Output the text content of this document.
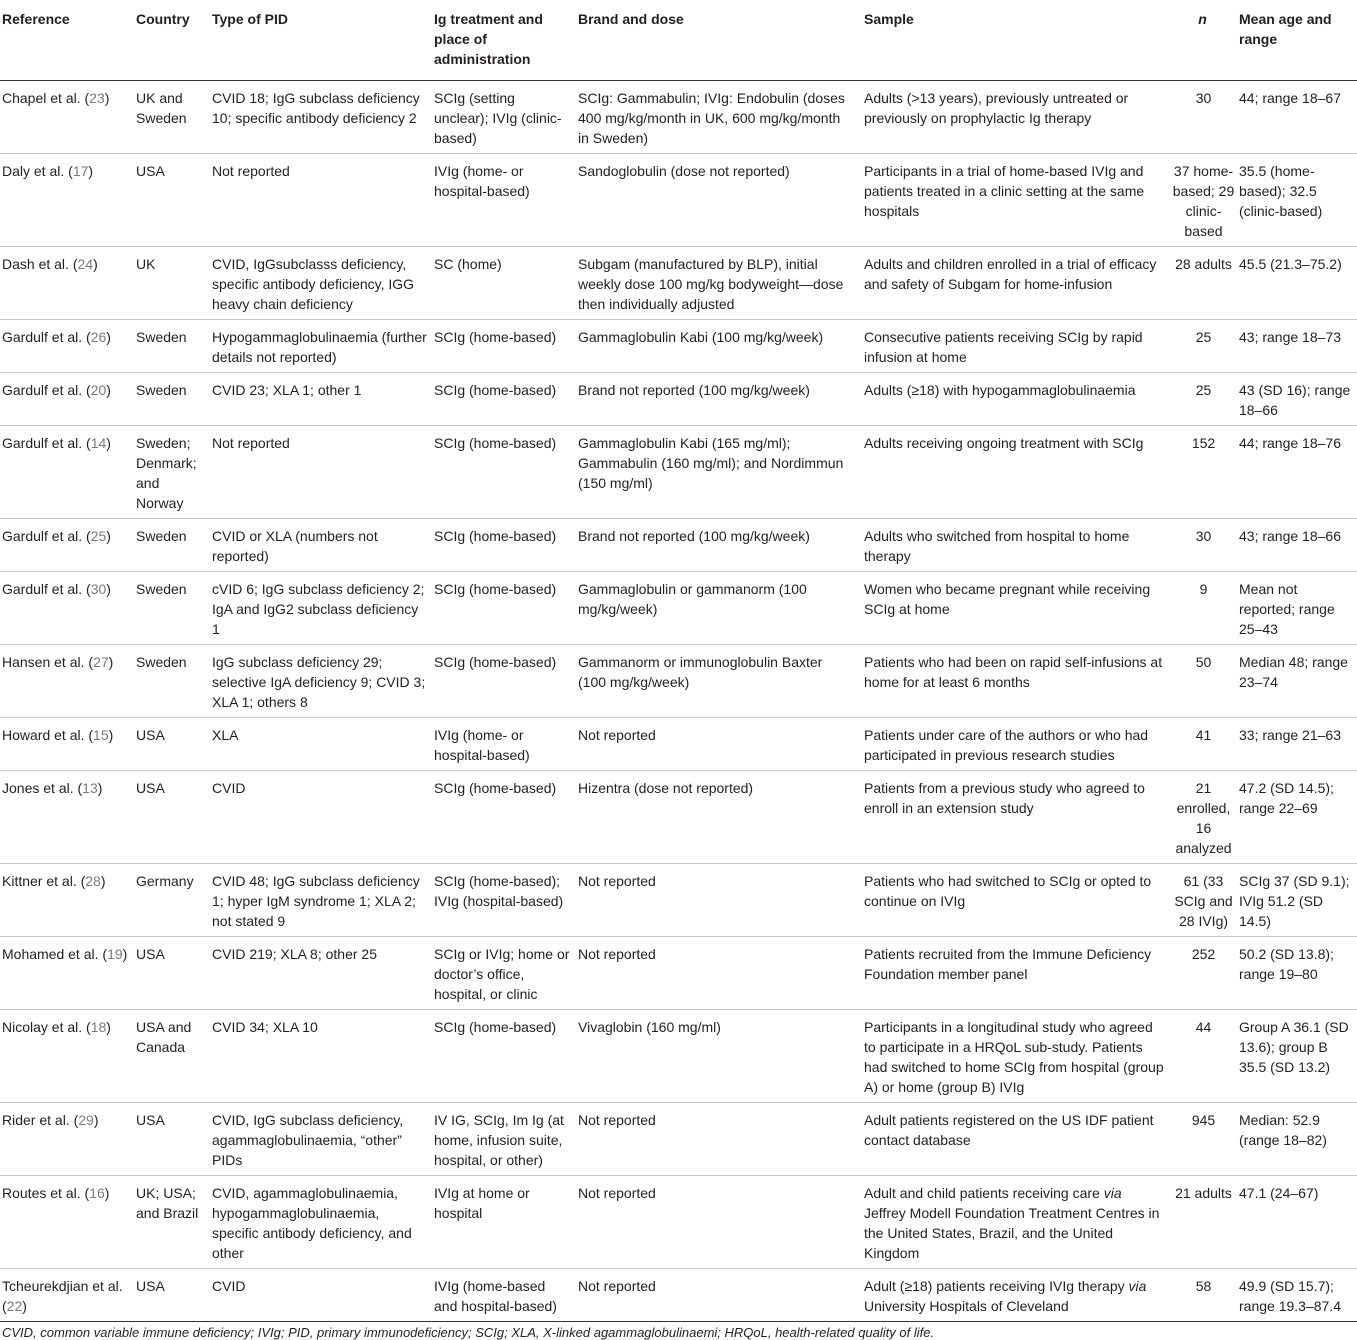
Reference	Country	Type of PID	Ig treatment and place of administration	Brand and dose	Sample	n	Mean age and range
Chapel et al. (23)	UK and Sweden	CVID 18; IgG subclass deficiency 10; specific antibody deficiency 2	SCIg (setting unclear); IVIg (clinic-based)	SCIg: Gammabulin; IVIg: Endobulin (doses 400 mg/kg/month in UK, 600 mg/kg/month in Sweden)	Adults (>13 years), previously untreated or previously on prophylactic Ig therapy	30	44; range 18–67
Daly et al. (17)	USA	Not reported	IVIg (home- or hospital-based)	Sandoglobulin (dose not reported)	Participants in a trial of home-based IVIg and patients treated in a clinic setting at the same hospitals	37 home-based; 29 clinic-based	35.5 (home-based); 32.5 (clinic-based)
Dash et al. (24)	UK	CVID, IgGsubclasss deficiency, specific antibody deficiency, IGG heavy chain deficiency	SC (home)	Subgam (manufactured by BLP), initial weekly dose 100 mg/kg bodyweight—dose then individually adjusted	Adults and children enrolled in a trial of efficacy and safety of Subgam for home-infusion	28 adults	45.5 (21.3–75.2)
Gardulf et al. (26)	Sweden	Hypogammaglobulinaemia (further details not reported)	SCIg (home-based)	Gammaglobulin Kabi (100 mg/kg/week)	Consecutive patients receiving SCIg by rapid infusion at home	25	43; range 18–73
Gardulf et al. (20)	Sweden	CVID 23; XLA 1; other 1	SCIg (home-based)	Brand not reported (100 mg/kg/week)	Adults (≥18) with hypogammaglobulinaemia	25	43 (SD 16); range 18–66
Gardulf et al. (14)	Sweden; Denmark; and Norway	Not reported	SCIg (home-based)	Gammaglobulin Kabi (165 mg/ml); Gammabulin (160 mg/ml); and Nordimmun (150 mg/ml)	Adults receiving ongoing treatment with SCIg	152	44; range 18–76
Gardulf et al. (25)	Sweden	CVID or XLA (numbers not reported)	SCIg (home-based)	Brand not reported (100 mg/kg/week)	Adults who switched from hospital to home therapy	30	43; range 18–66
Gardulf et al. (30)	Sweden	cVID 6; IgG subclass deficiency 2; IgA and IgG2 subclass deficiency 1	SCIg (home-based)	Gammaglobulin or gammanorm (100 mg/kg/week)	Women who became pregnant while receiving SCIg at home	9	Mean not reported; range 25–43
Hansen et al. (27)	Sweden	IgG subclass deficiency 29; selective IgA deficiency 9; CVID 3; XLA 1; others 8	SCIg (home-based)	Gammanorm or immunoglobulin Baxter (100 mg/kg/week)	Patients who had been on rapid self-infusions at home for at least 6 months	50	Median 48; range 23–74
Howard et al. (15)	USA	XLA	IVIg (home- or hospital-based)	Not reported	Patients under care of the authors or who had participated in previous research studies	41	33; range 21–63
Jones et al. (13)	USA	CVID	SCIg (home-based)	Hizentra (dose not reported)	Patients from a previous study who agreed to enroll in an extension study	21 enrolled, 16 analyzed	47.2 (SD 14.5); range 22–69
Kittner et al. (28)	Germany	CVID 48; IgG subclass deficiency 1; hyper IgM syndrome 1; XLA 2; not stated 9	SCIg (home-based); IVIg (hospital-based)	Not reported	Patients who had switched to SCIg or opted to continue on IVIg	61 (33 SCIg and 28 IVIg)	SCIg 37 (SD 9.1); IVIg 51.2 (SD 14.5)
Mohamed et al. (19)	USA	CVID 219; XLA 8; other 25	SCIg or IVIg; home or doctor’s office, hospital, or clinic	Not reported	Patients recruited from the Immune Deficiency Foundation member panel	252	50.2 (SD 13.8); range 19–80
Nicolay et al. (18)	USA and Canada	CVID 34; XLA 10	SCIg (home-based)	Vivaglobin (160 mg/ml)	Participants in a longitudinal study who agreed to participate in a HRQoL sub-study. Patients had switched to home SCIg from hospital (group A) or home (group B) IVIg	44	Group A 36.1 (SD 13.6); group B 35.5 (SD 13.2)
Rider et al. (29)	USA	CVID, IgG subclass deficiency, agammaglobulinaemia, “other” PIDs	IV IG, SCIg, Im Ig (at home, infusion suite, hospital, or other)	Not reported	Adult patients registered on the US IDF patient contact database	945	Median: 52.9 (range 18–82)
Routes et al. (16)	UK; USA; and Brazil	CVID, agammaglobulinaemia, hypogammaglobulinaemia, specific antibody deficiency, and other	IVIg at home or hospital	Not reported	Adult and child patients receiving care via Jeffrey Modell Foundation Treatment Centres in the United States, Brazil, and the United Kingdom	21 adults	47.1 (24–67)
Tcheurekdjian et al. (22)	USA	CVID	IVIg (home-based and hospital-based)	Not reported	Adult (≥18) patients receiving IVIg therapy via University Hospitals of Cleveland	58	49.9 (SD 15.7); range 19.3–87.4
CVID, common variable immune deficiency; IVIg; PID, primary immunodeficiency; SCIg; XLA, X-linked agammaglobulinaemi; HRQoL, health-related quality of life.
